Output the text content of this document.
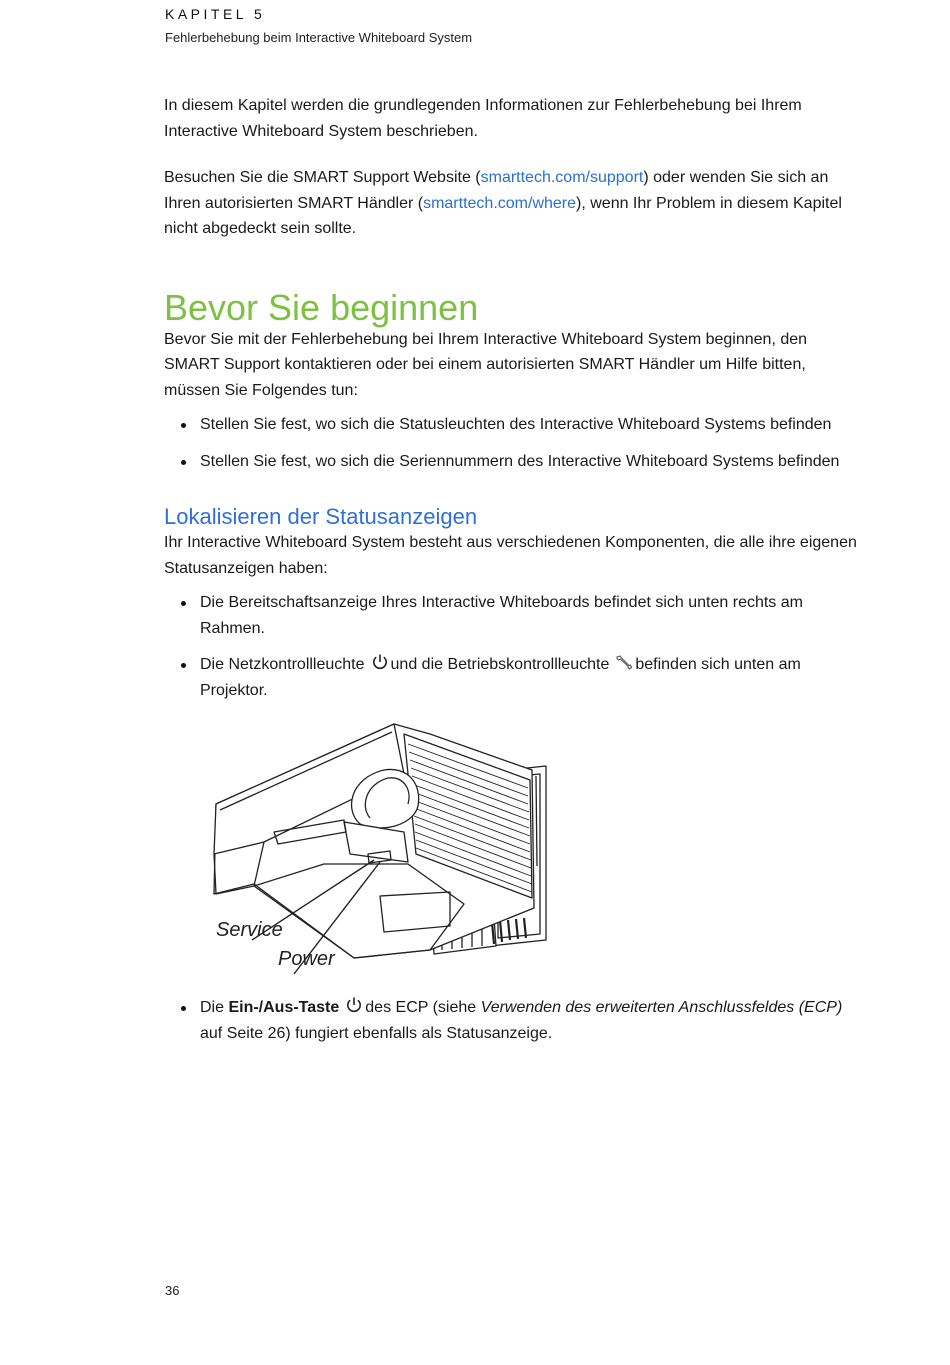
KAPITEL 5
Fehlerbehebung beim Interactive Whiteboard System

In diesem Kapitel werden die grundlegenden Informationen zur Fehlerbehebung bei Ihrem Interactive Whiteboard System beschrieben.

Besuchen Sie die SMART Support Website (smarttech.com/support) oder wenden Sie sich an Ihren autorisierten SMART Händler (smarttech.com/where), wenn Ihr Problem in diesem Kapitel nicht abgedeckt sein sollte.

Bevor Sie beginnen

Bevor Sie mit der Fehlerbehebung bei Ihrem Interactive Whiteboard System beginnen, den SMART Support kontaktieren oder bei einem autorisierten SMART Händler um Hilfe bitten, müssen Sie Folgendes tun:

Stellen Sie fest, wo sich die Statusleuchten des Interactive Whiteboard Systems befinden
Stellen Sie fest, wo sich die Seriennummern des Interactive Whiteboard Systems befinden
Lokalisieren der Statusanzeigen

Ihr Interactive Whiteboard System besteht aus verschiedenen Komponenten, die alle ihre eigenen Statusanzeigen haben:

Die Bereitschaftsanzeige Ihres Interactive Whiteboards befindet sich unten rechts am Rahmen.
Die Netzkontrollleuchte und die Betriebskontrollleuchte befinden sich unten am Projektor.
Service
Power
Die Ein-/Aus-Taste des ECP (siehe Verwenden des erweiterten Anschlussfeldes (ECP) auf Seite 26) fungiert ebenfalls als Statusanzeige.
36
